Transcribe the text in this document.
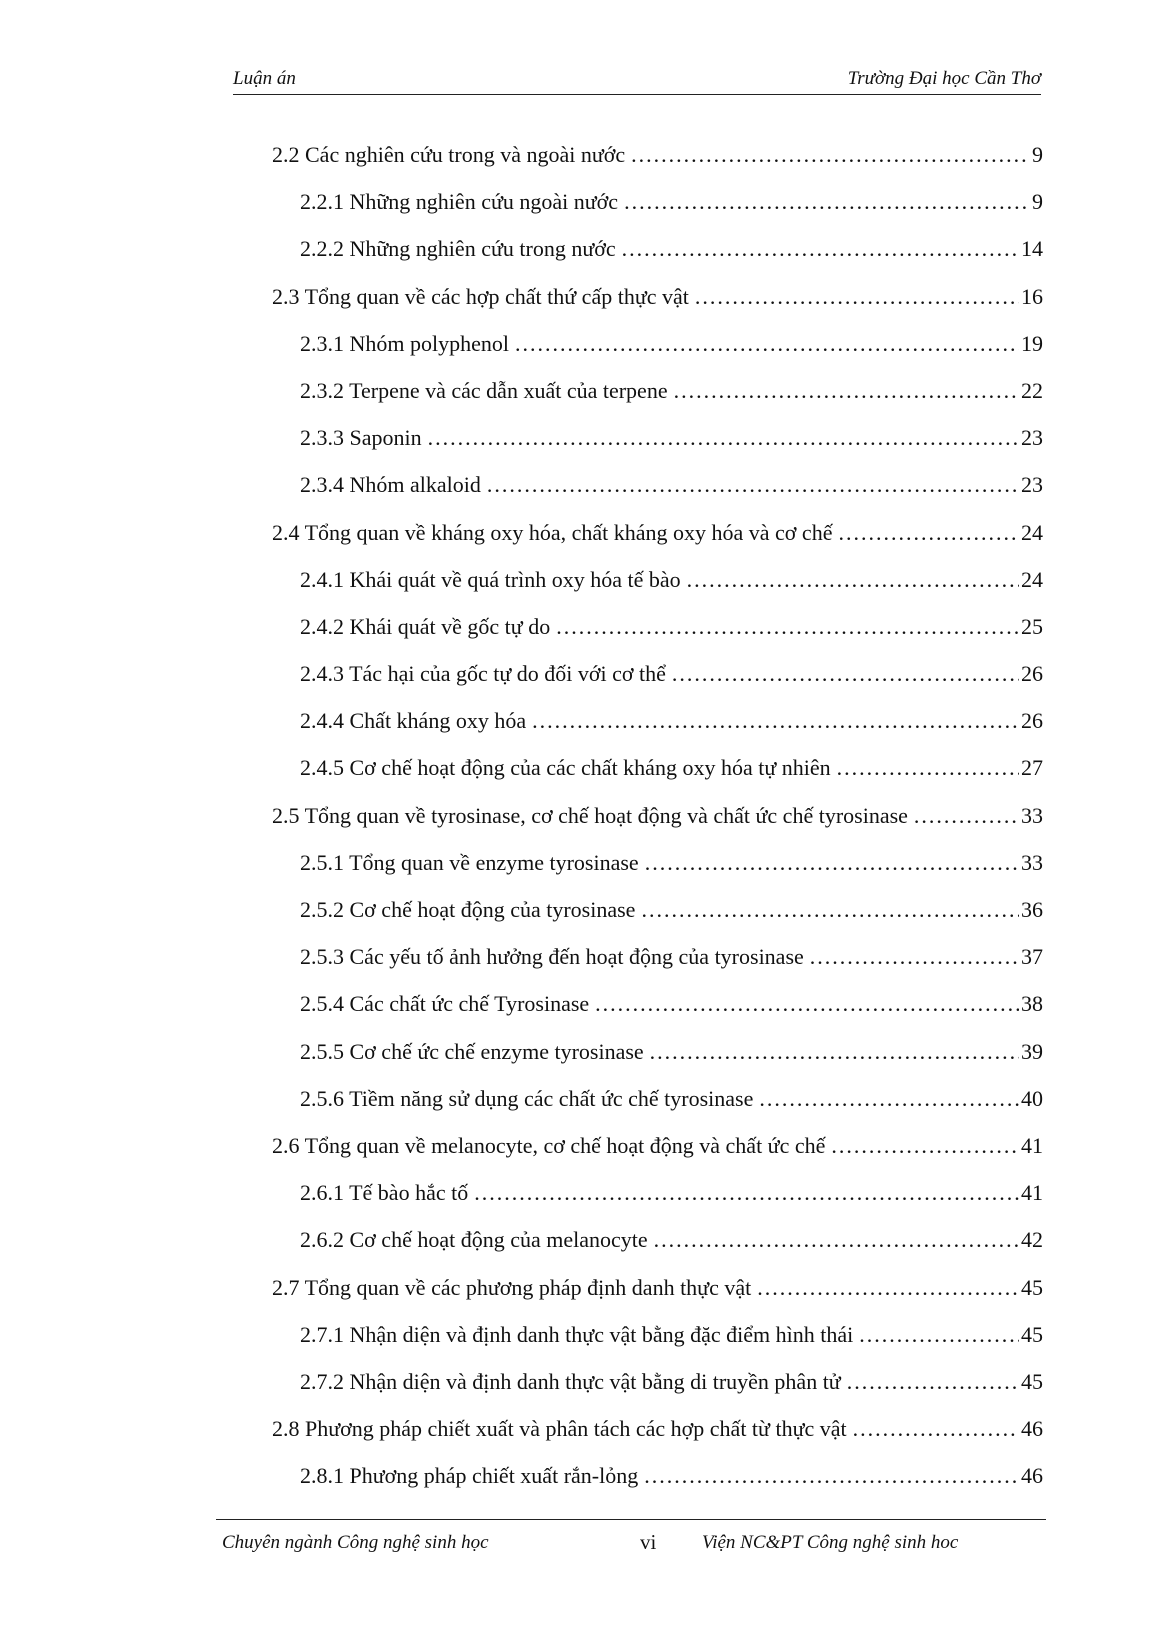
Luận án	Trường Đại học Cần Thơ
2.2 Các nghiên cứu trong và ngoài nước .....	9
2.2.1 Những nghiên cứu ngoài nước .....	9
2.2.2 Những nghiên cứu trong nước .....	14
2.3 Tổng quan về các hợp chất thứ cấp thực vật .....	16
2.3.1 Nhóm polyphenol .....	19
2.3.2 Terpene và các dẫn xuất của terpene .....	22
2.3.3 Saponin .....	23
2.3.4 Nhóm alkaloid .....	23
2.4 Tổng quan về kháng oxy hóa, chất kháng oxy hóa và cơ chế .....	24
2.4.1 Khái quát về quá trình oxy hóa tế bào .....	24
2.4.2 Khái quát về gốc tự do .....	25
2.4.3 Tác hại của gốc tự do đối với cơ thể .....	26
2.4.4 Chất kháng oxy hóa .....	26
2.4.5 Cơ chế hoạt động của các chất kháng oxy hóa tự nhiên .....	27
2.5 Tổng quan về tyrosinase, cơ chế hoạt động và chất ức chế tyrosinase .....	33
2.5.1 Tổng quan về enzyme tyrosinase .....	33
2.5.2 Cơ chế hoạt động của tyrosinase .....	36
2.5.3 Các yếu tố ảnh hưởng đến hoạt động của tyrosinase .....	37
2.5.4 Các chất ức chế Tyrosinase .....	38
2.5.5 Cơ chế ức chế enzyme tyrosinase .....	39
2.5.6 Tiềm năng sử dụng các chất ức chế tyrosinase .....	40
2.6 Tổng quan về melanocyte, cơ chế hoạt động và chất ức chế .....	41
2.6.1 Tế bào hắc tố .....	41
2.6.2 Cơ chế hoạt động của melanocyte .....	42
2.7 Tổng quan về các phương pháp định danh thực vật .....	45
2.7.1 Nhận diện và định danh thực vật bằng đặc điểm hình thái .....	45
2.7.2 Nhận diện và định danh thực vật bằng di truyền phân tử .....	45
2.8 Phương pháp chiết xuất và phân tách các hợp chất từ thực vật .....	46
2.8.1 Phương pháp chiết xuất rắn-lỏng .....	46
Chuyên ngành Công nghệ sinh học	vi Viện NC&PT Công nghệ sinh hoc
